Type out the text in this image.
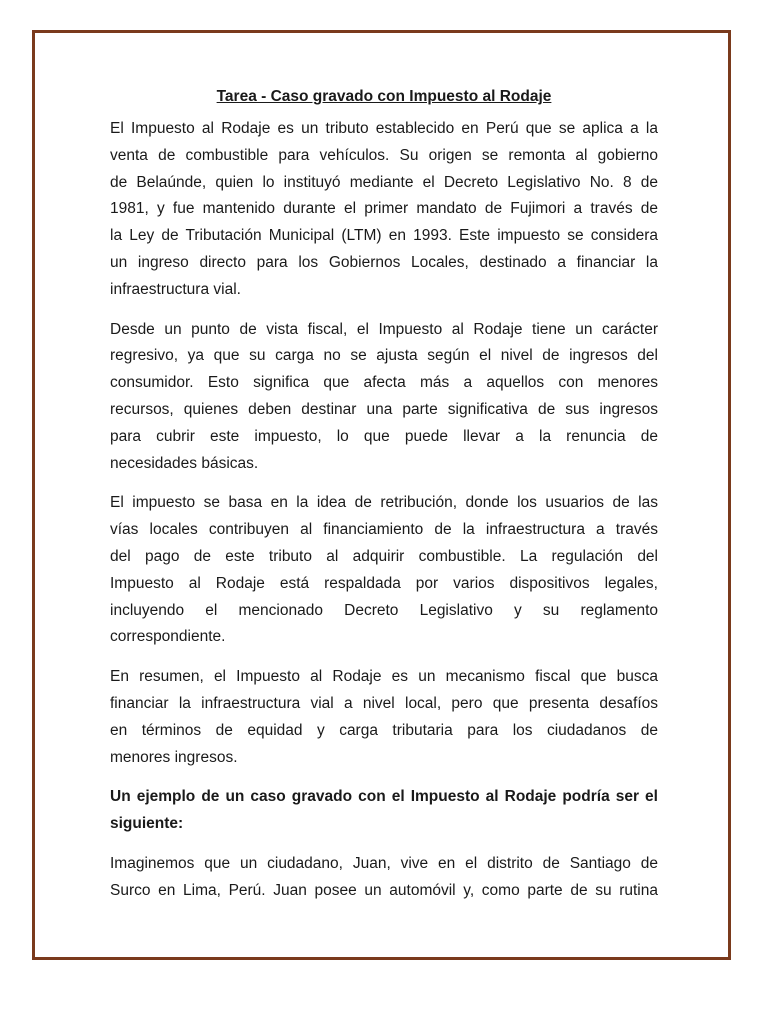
Tarea - Caso gravado con Impuesto al Rodaje
El Impuesto al Rodaje es un tributo establecido en Perú que se aplica a la
venta de combustible para vehículos. Su origen se remonta al gobierno
de Belaúnde, quien lo instituyó mediante el Decreto Legislativo No. 8 de
1981, y fue mantenido durante el primer mandato de Fujimori a través de
la Ley de Tributación Municipal (LTM) en 1993. Este impuesto se considera
un ingreso directo para los Gobiernos Locales, destinado a financiar la
infraestructura vial.
Desde un punto de vista fiscal, el Impuesto al Rodaje tiene un carácter
regresivo, ya que su carga no se ajusta según el nivel de ingresos del
consumidor. Esto significa que afecta más a aquellos con menores
recursos, quienes deben destinar una parte significativa de sus ingresos
para cubrir este impuesto, lo que puede llevar a la renuncia de
necesidades básicas.
El impuesto se basa en la idea de retribución, donde los usuarios de las
vías locales contribuyen al financiamiento de la infraestructura a través
del pago de este tributo al adquirir combustible. La regulación del
Impuesto al Rodaje está respaldada por varios dispositivos legales,
incluyendo el mencionado Decreto Legislativo y su reglamento
correspondiente.
En resumen, el Impuesto al Rodaje es un mecanismo fiscal que busca
financiar la infraestructura vial a nivel local, pero que presenta desafíos
en términos de equidad y carga tributaria para los ciudadanos de
menores ingresos.
Un ejemplo de un caso gravado con el Impuesto al Rodaje podría ser el
siguiente:
Imaginemos que un ciudadano, Juan, vive en el distrito de Santiago de
Surco en Lima, Perú. Juan posee un automóvil y, como parte de su rutina
